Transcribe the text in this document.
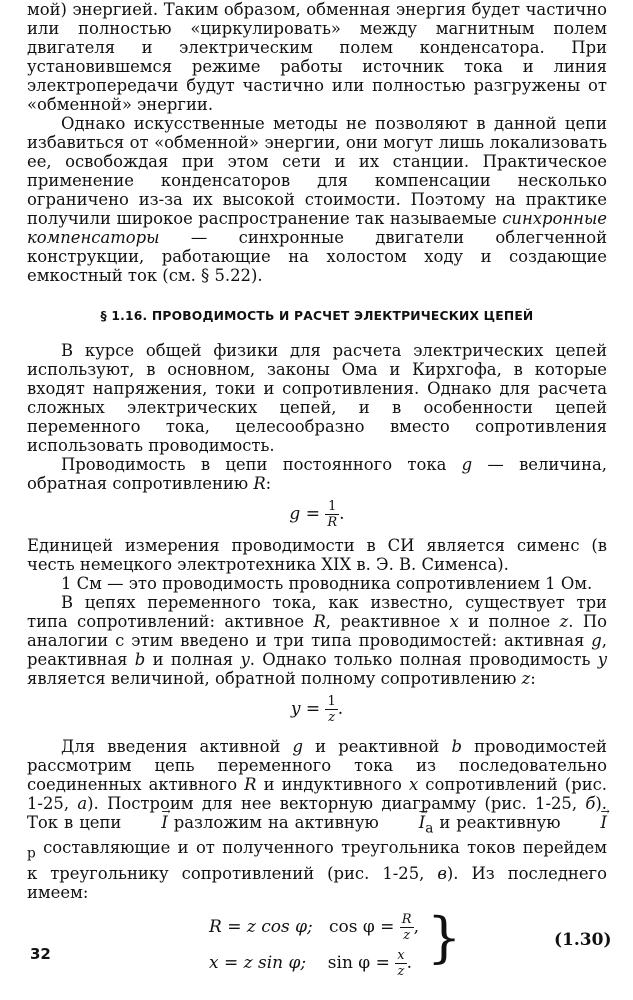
мой) энергией. Таким образом, обменная энергия будет частично или полностью «циркулировать» между магнитным полем двигателя и электрическим полем конденсатора. При установившемся режиме работы источник тока и линия электропередачи будут частично или полностью разгружены от «обменной» энергии.

Однако искусственные методы не позволяют в данной цепи избавиться от «обменной» энергии, они могут лишь локализовать ее, освобождая при этом сети и их станции. Практическое применение конденсаторов для компенсации несколько ограничено из-за их высокой стоимости. Поэтому на практике получили широкое распространение так называемые синхронные компенсаторы — синхронные двигатели облегченной конструкции, работающие на холостом ходу и создающие емкостный ток (см. § 5.22).

§ 1.16. ПРОВОДИМОСТЬ И РАСЧЕТ ЭЛЕКТРИЧЕСКИХ ЦЕПЕЙ

В курсе общей физики для расчета электрических цепей используют, в основном, законы Ома и Кирхгофа, в которые входят напряжения, токи и сопротивления. Однако для расчета сложных электрических цепей, и в особенности цепей переменного тока, целесообразно вместо сопротивления использовать проводимость.

Проводимость в цепи постоянного тока g — величина, обратная сопротивлению R:

$g = \frac{1}{R}$ .

Единицей измерения проводимости в СИ является сименс (в честь немецкого электротехника XIX в. Э. В. Сименса).

1 См — это проводимость проводника сопротивлением 1 Ом.

В цепях переменного тока, как известно, существует три типа сопротивлений: активное R, реактивное x и полное z. По аналогии с этим введено и три типа проводимостей: активная g, реактивная b и полная y. Однако только полная проводимость y является величиной, обратной полному сопротивлению z:

$y = \frac{1}{z}$ .

Для введения активной g и реактивной b проводимостей рассмотрим цепь переменного тока из последовательно соединенных активного R и индуктивного x сопротивлений (рис. 1-25, а). Построим для нее векторную диаграмму (рис. 1-25, б). Ток в цепи → I разложим на активную → $I_а$ и реактивную → $I_р$ составляющие и от полученного треугольника токов перейдем к треугольнику сопротивлений (рис. 1-25, в). Из последнего имеем:

R = z cos φ; $\cos \varphi = \frac{R}{z}$ ,
x = z sin φ; $\sin \varphi = \frac{x}{z}$ . }	(1.30)
32
